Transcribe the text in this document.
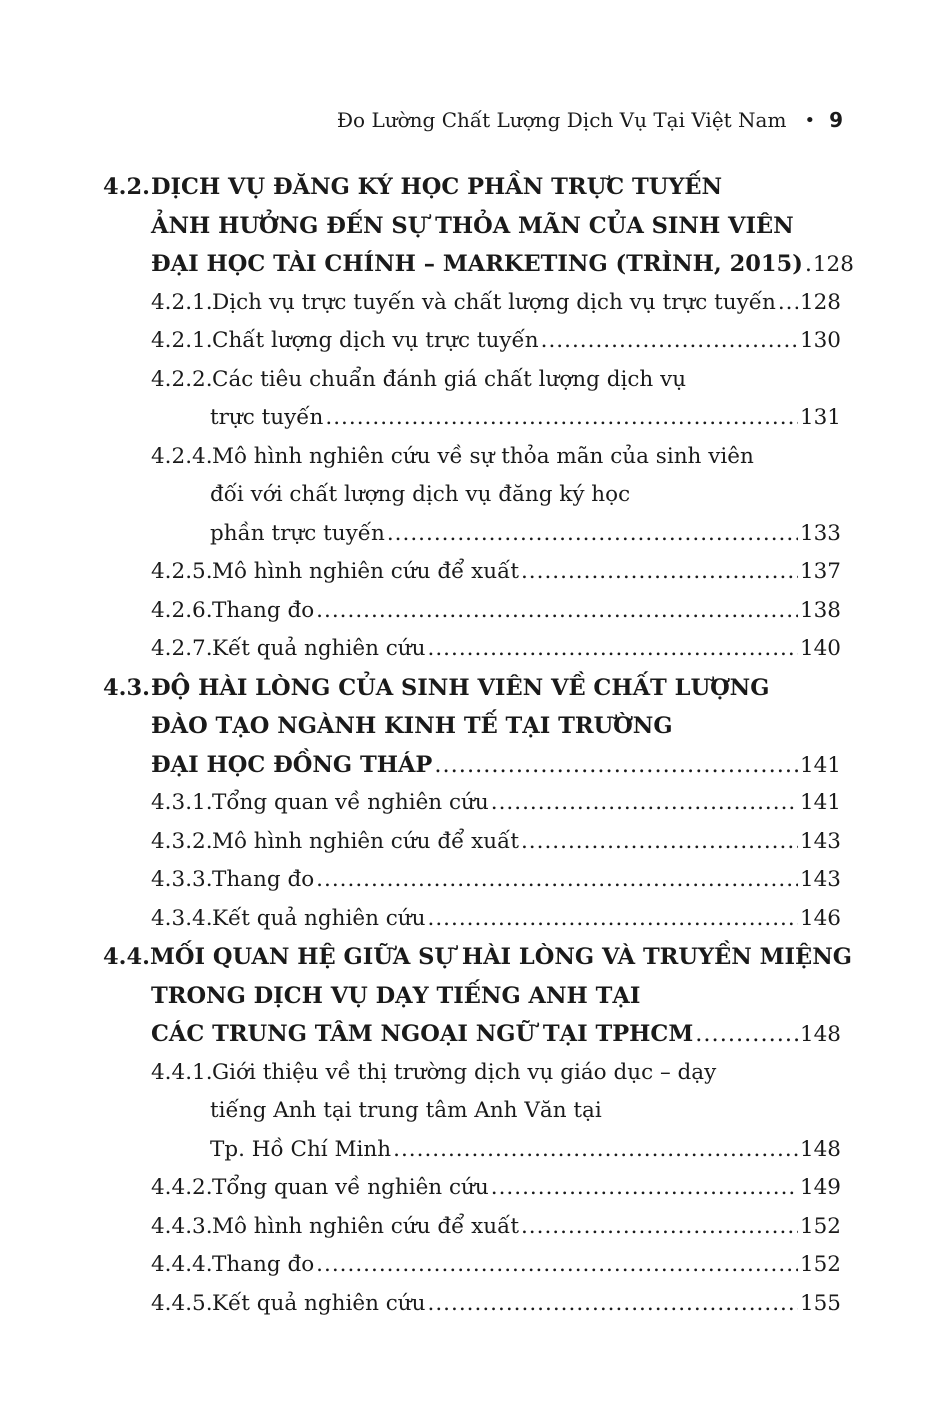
Đo Lường Chất Lượng Dịch Vụ Tại Việt Nam • 9
4.2. DỊCH VỤ ĐĂNG KÝ HỌC PHẦN TRỰC TUYẾN
ẢNH HƯỞNG ĐẾN SỰ THỎA MÃN CỦA SINH VIÊN
ĐẠI HỌC TÀI CHÍNH – MARKETING (TRÌNH, 2015) ..... 128
4.2.1. Dịch vụ trực tuyến và chất lượng dịch vụ trực tuyến ..... 128
4.2.1. Chất lượng dịch vụ trực tuyến .....	130
4.2.2. Các tiêu chuẩn đánh giá chất lượng dịch vụ
trực tuyến .....	131
4.2.4. Mô hình nghiên cứu về sự thỏa mãn của sinh viên
đối với chất lượng dịch vụ đăng ký học
phần trực tuyến .....	133
4.2.5. Mô hình nghiên cứu để xuất .....	137
4.2.6. Thang đo .....	138
4.2.7. Kết quả nghiên cứu .....	140
4.3. ĐỘ HÀI LÒNG CỦA SINH VIÊN VỀ CHẤT LƯỢNG
ĐÀO TẠO NGÀNH KINH TẾ TẠI TRƯỜNG
ĐẠI HỌC ĐỒNG THÁP .....	141
4.3.1. Tổng quan về nghiên cứu .....	141
4.3.2. Mô hình nghiên cứu để xuất .....	143
4.3.3. Thang đo .....	143
4.3.4. Kết quả nghiên cứu .....	146
4.4. MỐI QUAN HỆ GIỮA SỰ HÀI LÒNG VÀ TRUYỀN MIỆNG
TRONG DỊCH VỤ DẠY TIẾNG ANH TẠI
CÁC TRUNG TÂM NGOẠI NGỮ TẠI TPHCM .....	148
4.4.1. Giới thiệu về thị trường dịch vụ giáo dục – dạy
tiếng Anh tại trung tâm Anh Văn tại
Tp. Hồ Chí Minh .....	148
4.4.2. Tổng quan về nghiên cứu .....	149
4.4.3. Mô hình nghiên cứu để xuất .....	152
4.4.4. Thang đo .....	152
4.4.5. Kết quả nghiên cứu .....	155
